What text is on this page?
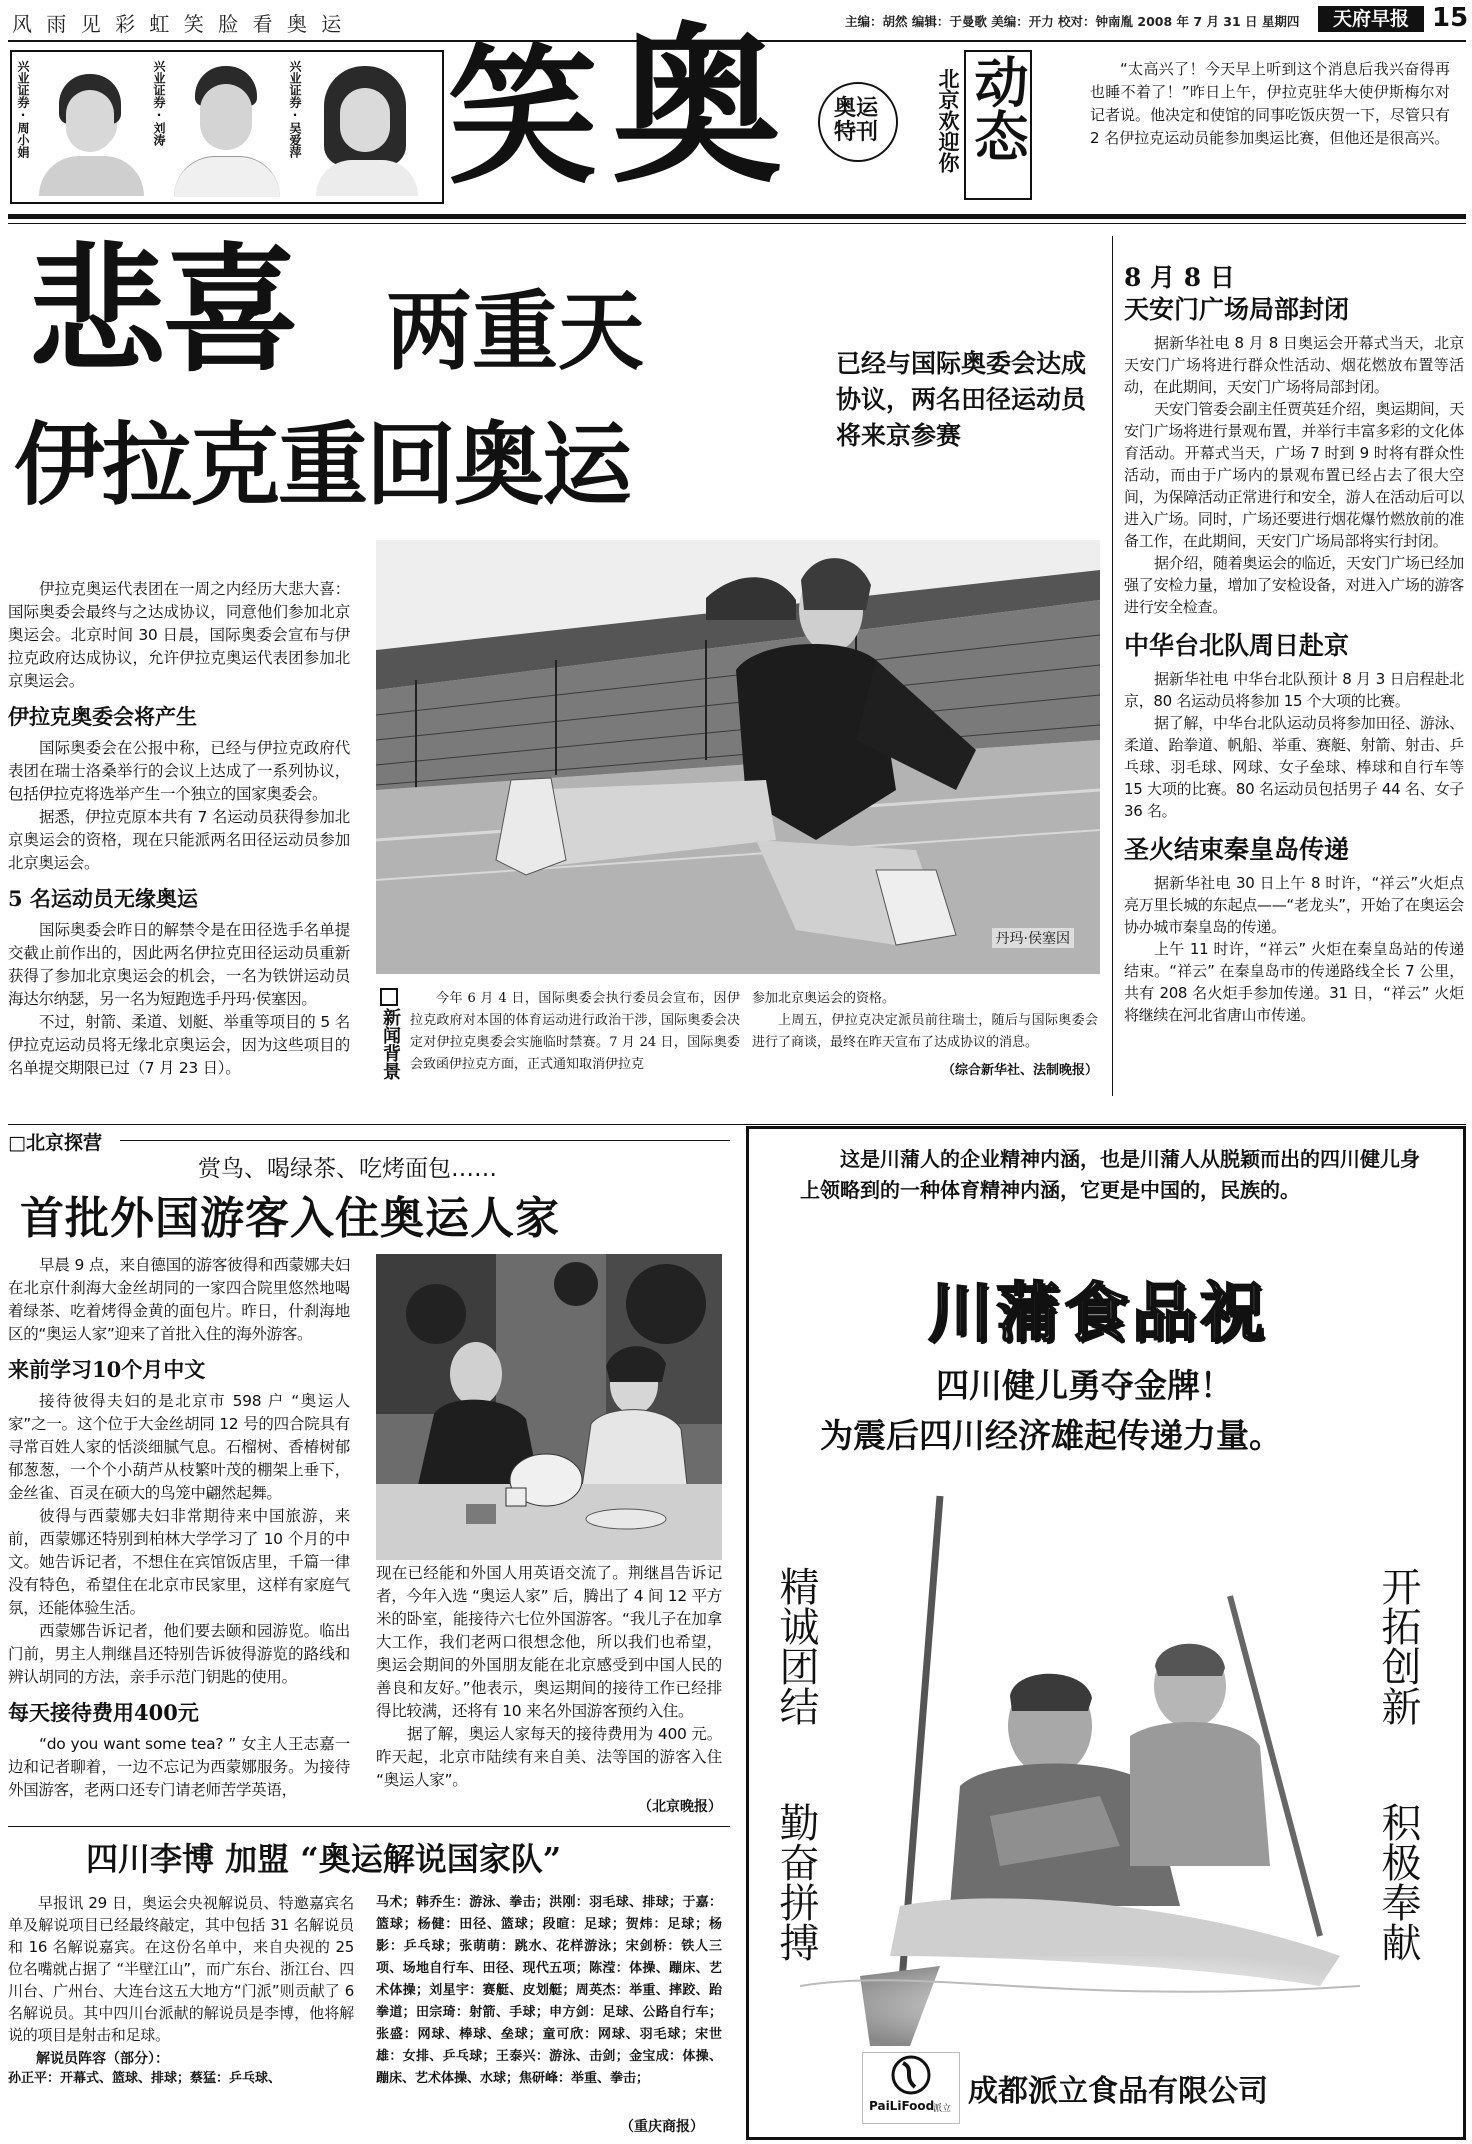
风 雨 见 彩 虹 笑 脸 看 奥 运	主编：胡然 编辑：于曼歌 美编：开力 校对：钟南胤 2008 年 7 月 31 日 星期四	天府早报 15
兴业证券·周小娟	兴业证券·刘涛	兴业证券·吴爱萍 笑 奥	奥运特刊	北京欢迎你 动态	“太高兴了！今天早上听到这个消息后我兴奋得再也睡不着了！”昨日上午，伊拉克驻华大使伊斯梅尔对记者说。他决定和使馆的同事吃饭庆贺一下，尽管只有 2 名伊拉克运动员能参加奥运比赛，但他还是很高兴。
悲喜 两重天
伊拉克重回奥运
已经与国际奥委会达成协议，两名田径运动员将来京参赛

伊拉克奥运代表团在一周之内经历大悲大喜：国际奥委会最终与之达成协议，同意他们参加北京奥运会。北京时间 30 日晨，国际奥委会宣布与伊拉克政府达成协议，允许伊拉克奥运代表团参加北京奥运会。

伊拉克奥委会将产生

国际奥委会在公报中称，已经与伊拉克政府代表团在瑞士洛桑举行的会议上达成了一系列协议，包括伊拉克将选举产生一个独立的国家奥委会。

据悉，伊拉克原本共有 7 名运动员获得参加北京奥运会的资格，现在只能派两名田径运动员参加北京奥运会。

5 名运动员无缘奥运

国际奥委会昨日的解禁令是在田径选手名单提交截止前作出的，因此两名伊拉克田径运动员重新获得了参加北京奥运会的机会，一名为铁饼运动员海达尔纳瑟，另一名为短跑选手丹玛·侯塞因。

不过，射箭、柔道、划艇、举重等项目的 5 名伊拉克运动员将无缘北京奥运会，因为这些项目的名单提交期限已过（7 月 23 日）。

丹玛·侯塞因
新闻背景
今年 6 月 4 日，国际奥委会执行委员会宣布，因伊拉克政府对本国的体育运动进行政治干涉，国际奥委会决定对伊拉克奥委会实施临时禁赛。7 月 24 日，国际奥委会致函伊拉克方面，正式通知取消伊拉克
参加北京奥运会的资格。
上周五，伊拉克决定派员前往瑞士，随后与国际奥委会进行了商谈，最终在昨天宣布了达成协议的消息。
（综合新华社、法制晚报）
8 月 8 日
天安门广场局部封闭

据新华社电 8 月 8 日奥运会开幕式当天，北京天安门广场将进行群众性活动、烟花燃放布置等活动，在此期间，天安门广场将局部封闭。

天安门管委会副主任贾英廷介绍，奥运期间，天安门广场将进行景观布置，并举行丰富多彩的文化体育活动。开幕式当天，广场 7 时到 9 时将有群众性活动，而由于广场内的景观布置已经占去了很大空间，为保障活动正常进行和安全，游人在活动后可以进入广场。同时，广场还要进行烟花爆竹燃放前的准备工作，在此期间，天安门广场局部将实行封闭。

据介绍，随着奥运会的临近，天安门广场已经加强了安检力量，增加了安检设备，对进入广场的游客进行安全检查。

中华台北队周日赴京

据新华社电 中华台北队预计 8 月 3 日启程赴北京，80 名运动员将参加 15 个大项的比赛。

据了解，中华台北队运动员将参加田径、游泳、柔道、跆拳道、帆船、举重、赛艇、射箭、射击、乒乓球、羽毛球、网球、女子垒球、棒球和自行车等 15 大项的比赛。80 名运动员包括男子 44 名、女子 36 名。

圣火结束秦皇岛传递

据新华社电 30 日上午 8 时许，“祥云”火炬点亮万里长城的东起点——“老龙头”，开始了在奥运会协办城市秦皇岛的传递。

上午 11 时许，“祥云” 火炬在秦皇岛站的传递结束。“祥云” 在秦皇岛市的传递路线全长 7 公里，共有 208 名火炬手参加传递。31 日，“祥云” 火炬将继续在河北省唐山市传递。

□北京探营
赏鸟、喝绿茶、吃烤面包……
首批外国游客入住奥运人家

早晨 9 点，来自德国的游客彼得和西蒙娜夫妇在北京什刹海大金丝胡同的一家四合院里悠然地喝着绿茶、吃着烤得金黄的面包片。昨日，什刹海地区的“奥运人家”迎来了首批入住的海外游客。

来前学习10个月中文

接待彼得夫妇的是北京市 598 户 “奥运人家”之一。这个位于大金丝胡同 12 号的四合院具有寻常百姓人家的恬淡细腻气息。石榴树、香椿树郁郁葱葱，一个个小葫芦从枝繁叶茂的棚架上垂下，金丝雀、百灵在硕大的鸟笼中翩然起舞。

彼得与西蒙娜夫妇非常期待来中国旅游，来前，西蒙娜还特别到柏林大学学习了 10 个月的中文。她告诉记者，不想住在宾馆饭店里，千篇一律没有特色，希望住在北京市民家里，这样有家庭气氛，还能体验生活。

西蒙娜告诉记者，他们要去颐和园游览。临出门前，男主人荆继昌还特别告诉彼得游览的路线和辨认胡同的方法，亲手示范门钥匙的使用。

每天接待费用400元

“do you want some tea? ” 女主人王志嘉一边和记者聊着，一边不忘记为西蒙娜服务。为接待外国游客，老两口还专门请老师苦学英语，

现在已经能和外国人用英语交流了。荆继昌告诉记者，今年入选 “奥运人家” 后，腾出了 4 间 12 平方米的卧室，能接待六七位外国游客。“我儿子在加拿大工作，我们老两口很想念他，所以我们也希望，奥运会期间的外国朋友能在北京感受到中国人民的善良和友好。”他表示，奥运期间的接待工作已经排得比较满，还将有 10 来名外国游客预约入住。

据了解，奥运人家每天的接待费用为 400 元。昨天起，北京市陆续有来自美、法等国的游客入住 “奥运人家”。

（北京晚报）
四川李博 加盟 “奥运解说国家队”

早报讯 29 日，奥运会央视解说员、特邀嘉宾名单及解说项目已经最终敲定，其中包括 31 名解说员和 16 名解说嘉宾。在这份名单中，来自央视的 25 位名嘴就占据了 “半壁江山”，而广东台、浙江台、四川台、广州台、大连台这五大地方“门派”则贡献了 6 名解说员。其中四川台派献的解说员是李博，他将解说的项目是射击和足球。

解说员阵容（部分）：
孙正平：开幕式、篮球、排球；蔡猛：乒乓球、
马术；韩乔生：游泳、拳击；洪刚：羽毛球、排球；于嘉：篮球；杨健：田径、篮球；段暄：足球；贺炜：足球；杨影：乒乓球；张萌萌：跳水、花样游泳；宋剑桥：铁人三项、场地自行车、田径、现代五项；陈滢：体操、蹦床、艺术体操；刘星宇：赛艇、皮划艇；周英杰：举重、摔跤、跆拳道；田宗琦：射箭、手球；申方剑：足球、公路自行车；张盛：网球、棒球、垒球；童可欣：网球、羽毛球；宋世雄：女排、乒乓球；王泰兴：游泳、击剑；金宝成：体操、蹦床、艺术体操、水球；焦研峰：举重、拳击；
（重庆商报）
这是川蒲人的企业精神内涵，也是川蒲人从脱颖而出的四川健儿身上领略到的一种体育精神内涵，它更是中国的，民族的。
川蒲食品祝
四川健儿勇夺金牌！
为震后四川经济雄起传递力量。
精诚团结 勤奋拼搏
开拓创新 积极奉献
PaiLiFood
派立 成都派立食品有限公司
